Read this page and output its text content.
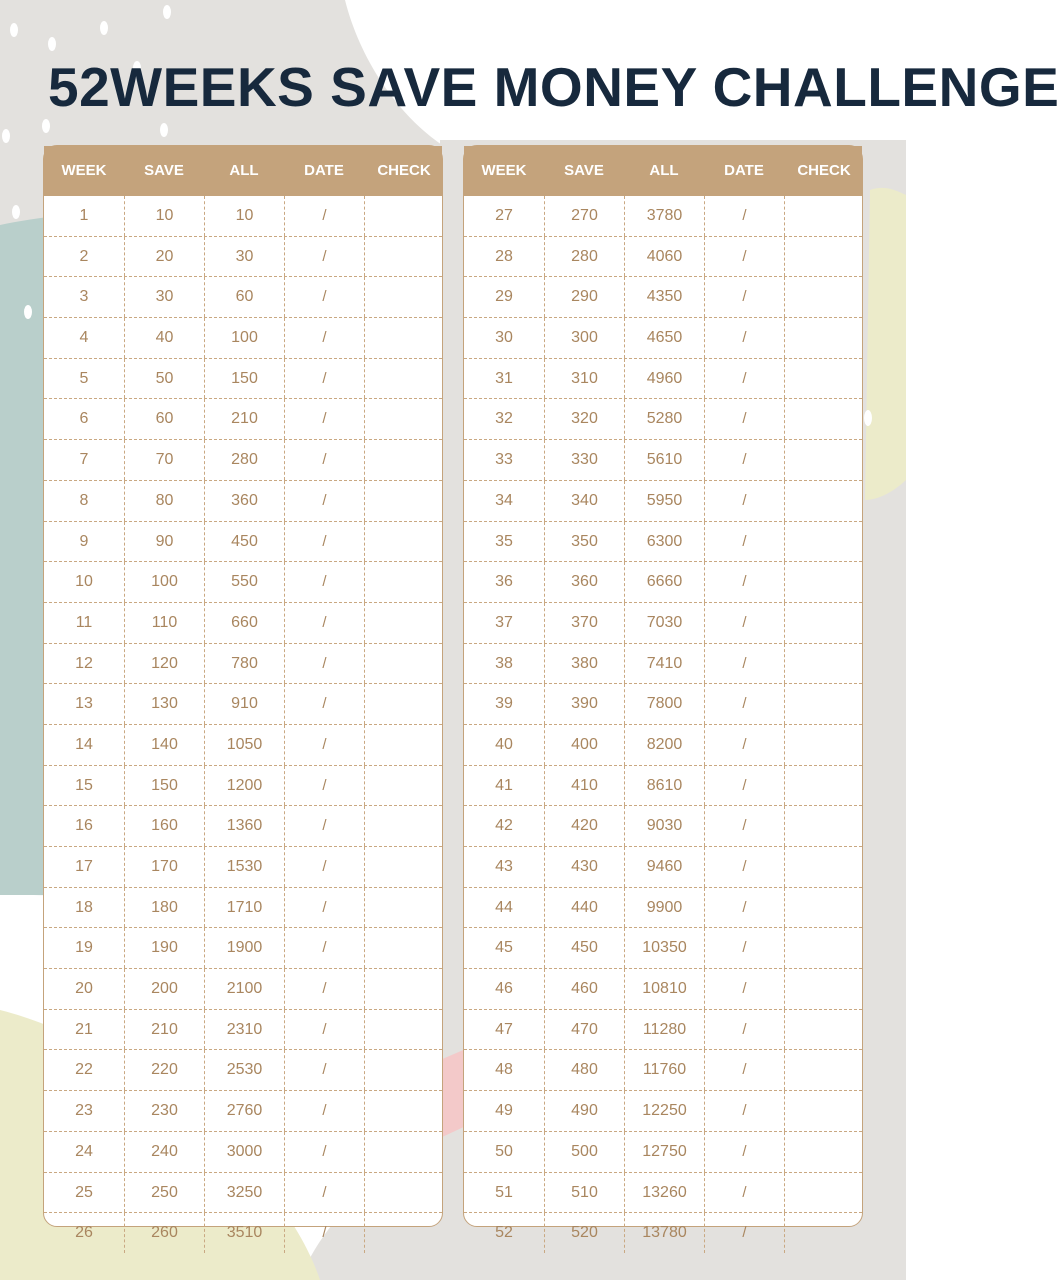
52WEEKS SAVE MONEY CHALLENGE
WEEK	SAVE	ALL	DATE	CHECK
1	10	10	/
2	20	30	/
3	30	60	/
4	40	100	/
5	50	150	/
6	60	210	/
7	70	280	/
8	80	360	/
9	90	450	/
10	100	550	/
11	110	660	/
12	120	780	/
13	130	910	/
14	140	1050	/
15	150	1200	/
16	160	1360	/
17	170	1530	/
18	180	1710	/
19	190	1900	/
20	200	2100	/
21	210	2310	/
22	220	2530	/
23	230	2760	/
24	240	3000	/
25	250	3250	/
26	260	3510	/
WEEK	SAVE	ALL	DATE	CHECK
27	270	3780	/
28	280	4060	/
29	290	4350	/
30	300	4650	/
31	310	4960	/
32	320	5280	/
33	330	5610	/
34	340	5950	/
35	350	6300	/
36	360	6660	/
37	370	7030	/
38	380	7410	/
39	390	7800	/
40	400	8200	/
41	410	8610	/
42	420	9030	/
43	430	9460	/
44	440	9900	/
45	450	10350	/
46	460	10810	/
47	470	11280	/
48	480	11760	/
49	490	12250	/
50	500	12750	/
51	510	13260	/
52	520	13780	/
